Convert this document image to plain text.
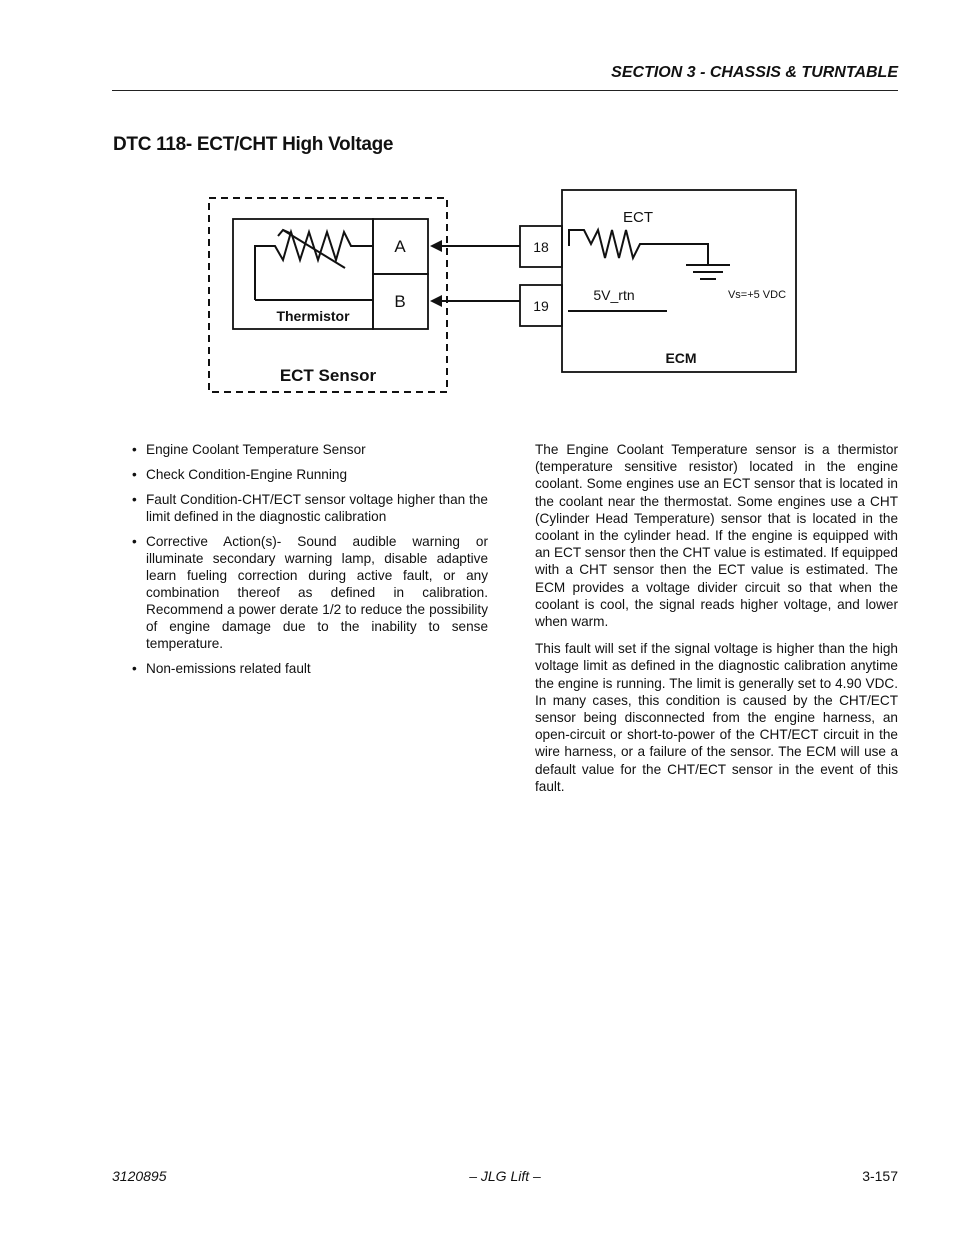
SECTION 3 - CHASSIS & TURNTABLE
DTC 118- ECT/CHT High Voltage
A
B
Thermistor
ECT Sensor
18
19
ECT
5V_rtn	Vs=+5 VDC
ECM
• Engine Coolant Temperature Sensor
• Check Condition-Engine Running
• Fault Condition-CHT/ECT sensor voltage higher than the limit defined in the diagnostic calibration
• Corrective Action(s)- Sound audible warning or illuminate secondary warning lamp, disable adaptive learn fueling correction during active fault, or any combination thereof as defined in calibration. Recommend a power derate 1/2 to reduce the possibility of engine damage due to the inability to sense temperature.
• Non-emissions related fault

The Engine Coolant Temperature sensor is a thermistor (temperature sensitive resistor) located in the engine coolant. Some engines use an ECT sensor that is located in the coolant near the thermostat. Some engines use a CHT (Cylinder Head Temperature) sensor that is located in the coolant in the cylinder head. If the engine is equipped with an ECT sensor then the CHT value is estimated. If equipped with a CHT sensor then the ECT value is estimated. The ECM provides a voltage divider circuit so that when the coolant is cool, the signal reads higher voltage, and lower when warm.

This fault will set if the signal voltage is higher than the high voltage limit as defined in the diagnostic calibration anytime the engine is running. The limit is generally set to 4.90 VDC. In many cases, this condition is caused by the CHT/ECT sensor being disconnected from the engine harness, an open-circuit or short-to-power of the CHT/ECT circuit in the wire harness, or a failure of the sensor. The ECM will use a default value for the CHT/ECT sensor in the event of this fault.

3120895	– JLG Lift –	3-157
